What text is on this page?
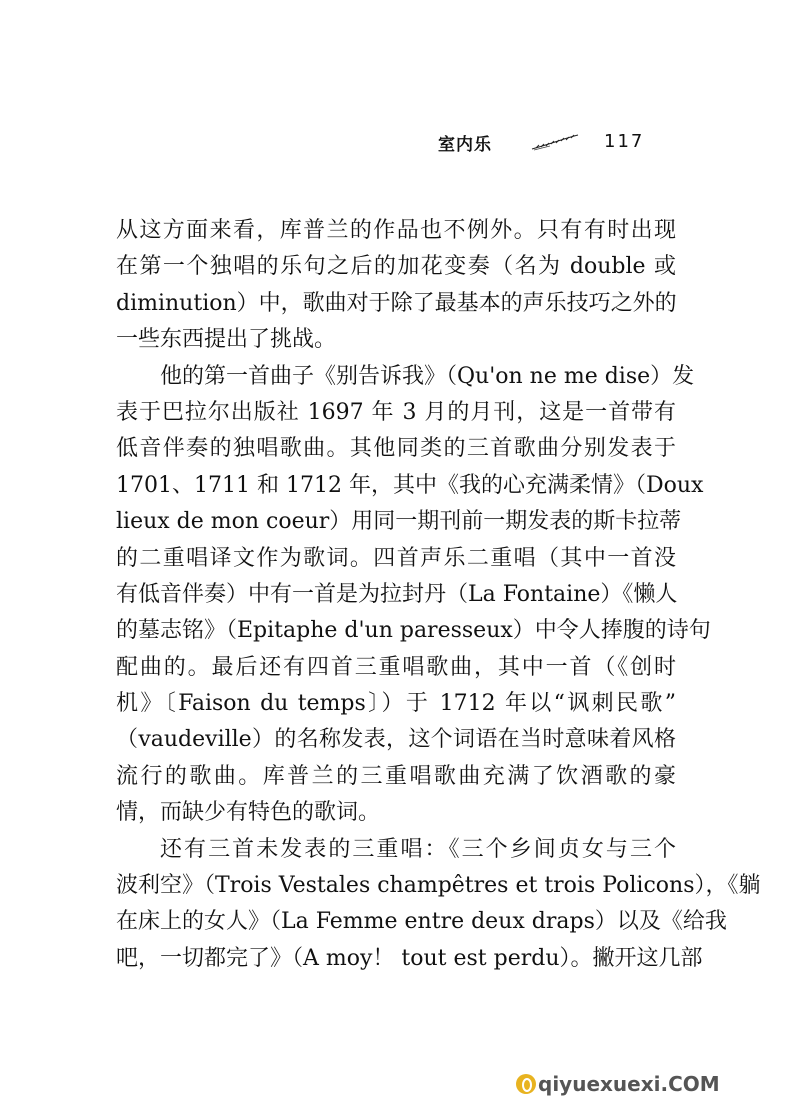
室内乐	117
从这方面来看，库普兰的作品也不例外。只有有时出现
在第一个独唱的乐句之后的加花变奏（名为 double 或
diminution）中，歌曲对于除了最基本的声乐技巧之外的
一些东西提出了挑战。
他的第一首曲子《别告诉我》（Qu'on ne me dise）发
表于巴拉尔出版社 1697 年 3 月的月刊，这是一首带有
低音伴奏的独唱歌曲。其他同类的三首歌曲分别发表于
1701、1711 和 1712 年，其中《我的心充满柔情》（Doux
lieux de mon coeur）用同一期刊前一期发表的斯卡拉蒂
的二重唱译文作为歌词。四首声乐二重唱（其中一首没
有低音伴奏）中有一首是为拉封丹（La Fontaine）《懒人
的墓志铭》（Epitaphe d'un paresseux）中令人捧腹的诗句
配曲的。最后还有四首三重唱歌曲，其中一首（《创时
机》〔Faison du temps〕）于 1712 年以“讽刺民歌”
（vaudeville）的名称发表，这个词语在当时意味着风格
流行的歌曲。库普兰的三重唱歌曲充满了饮酒歌的豪
情，而缺少有特色的歌词。
还有三首未发表的三重唱：《三个乡间贞女与三个
波利空》（Trois Vestales champêtres et trois Policons），《躺
在床上的女人》（La Femme entre deux draps）以及《给我
吧，一切都完了》（A moy！ tout est perdu）。撇开这几部
qiyuexuexi.COM
